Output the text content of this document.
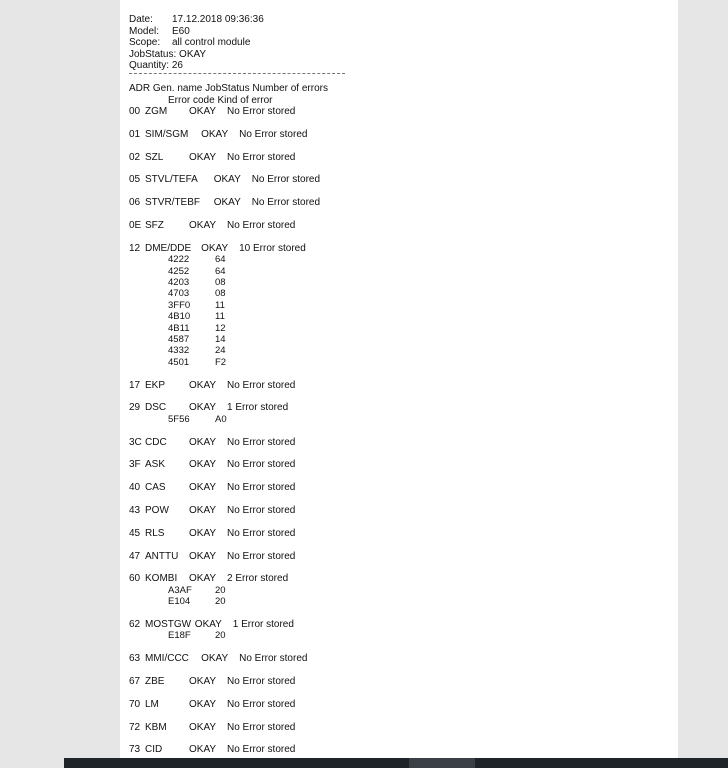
Date: 17.12.2018 09:36:36
Model: E60
Scope: all control module
JobStatus: OKAY
Quantity: 26
ADR Gen. name JobStatus Number of errors
Error code Kind of error
00 ZGM OKAY No Error stored
01 SIM/SGM OKAY No Error stored
02 SZL	OKAY No Error stored
05 STVL/TEFA OKAY No Error stored
06 STVR/TEBF OKAY No Error stored
0E SFZ	OKAY No Error stored
12 DME/DDE OKAY 10 Error stored
4222	64
4252	64
4203	08
4703	08
3FF0	11
4B10	11
4B11	12
4587	14
4332	24
4501	F2
17 EKP OKAY No Error stored
29 DSC OKAY 1 Error stored
5F56	A0
3C CDC OKAY No Error stored
3F ASK OKAY No Error stored
40 CAS OKAY No Error stored
43 POW OKAY No Error stored
45 RLS OKAY No Error stored
47 ANTTU OKAY No Error stored
60 KOMBI OKAY 2 Error stored
A3AF 20
E104	20
62 MOSTGW OKAY 1 Error stored
E18F	20
63 MMI/CCC OKAY No Error stored
67 ZBE OKAY No Error stored
70 LM	OKAY No Error stored
72 KBM OKAY No Error stored
73 CID	OKAY No Error stored
